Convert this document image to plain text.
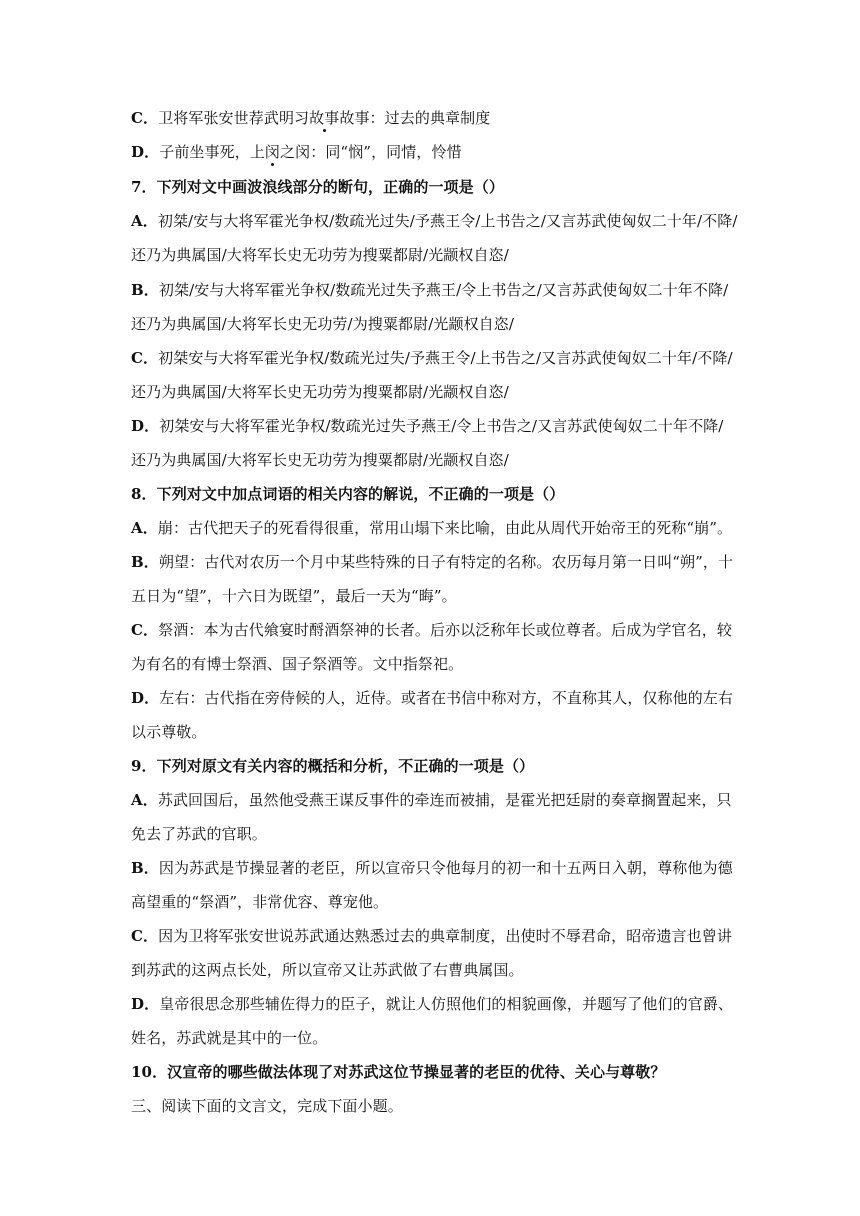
C．卫将军张安世荐武明习故事故事：过去的典章制度
D．子前坐事死，上闵之闵：同“悯”，同情，怜惜
7．下列对文中画波浪线部分的断句，正确的一项是（）
A．初桀/安与大将军霍光争权/数疏光过失/予燕王令/上书告之/又言苏武使匈奴二十年/不降/
还乃为典属国/大将军长史无功劳为搜粟都尉/光颛权自恣/
B．初桀/安与大将军霍光争权/数疏光过失予燕王/令上书告之/又言苏武使匈奴二十年不降/
还乃为典属国/大将军长史无功劳/为搜粟都尉/光颛权自恣/
C．初桀安与大将军霍光争权/数疏光过失/予燕王令/上书告之/又言苏武使匈奴二十年/不降/
还乃为典属国/大将军长史无功劳为搜粟都尉/光颛权自恣/
D．初桀安与大将军霍光争权/数疏光过失予燕王/令上书告之/又言苏武使匈奴二十年不降/
还乃为典属国/大将军长史无功劳为搜粟都尉/光颛权自恣/
8．下列对文中加点词语的相关内容的解说，不正确的一项是（）
A．崩：古代把天子的死看得很重，常用山塌下来比喻，由此从周代开始帝王的死称“崩”。
B．朔望：古代对农历一个月中某些特殊的日子有特定的名称。农历每月第一日叫“朔”，十
五日为“望”，十六日为既望”，最后一天为“晦”。
C．祭酒：本为古代飨宴时酹酒祭神的长者。后亦以泛称年长或位尊者。后成为学官名，较
为有名的有博士祭酒、国子祭酒等。文中指祭祀。
D．左右：古代指在旁侍候的人，近侍。或者在书信中称对方，不直称其人，仅称他的左右
以示尊敬。
9．下列对原文有关内容的概括和分析，不正确的一项是（）
A．苏武回国后，虽然他受燕王谋反事件的牵连而被捕，是霍光把廷尉的奏章搁置起来，只
免去了苏武的官职。
B．因为苏武是节操显著的老臣，所以宣帝只令他每月的初一和十五两日入朝，尊称他为德
高望重的“祭酒”，非常优容、尊宠他。
C．因为卫将军张安世说苏武通达熟悉过去的典章制度，出使时不辱君命，昭帝遗言也曾讲
到苏武的这两点长处，所以宣帝又让苏武做了右曹典属国。
D．皇帝很思念那些辅佐得力的臣子，就让人仿照他们的相貌画像，并题写了他们的官爵、
姓名，苏武就是其中的一位。
10．汉宣帝的哪些做法体现了对苏武这位节操显著的老臣的优待、关心与尊敬？
三、阅读下面的文言文，完成下面小题。
